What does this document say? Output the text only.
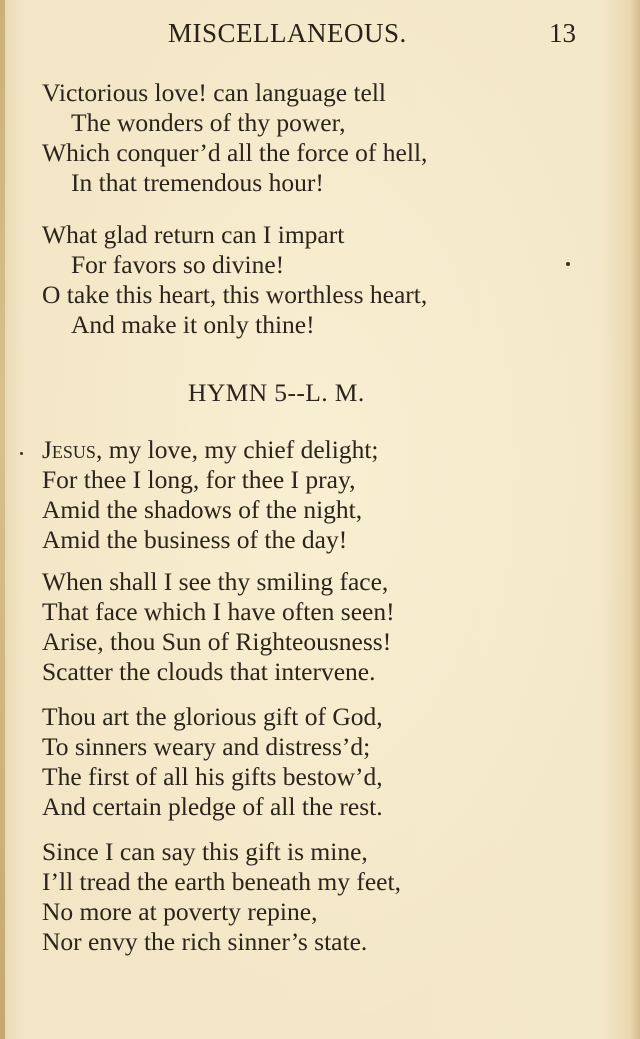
MISCELLANEOUS.	13
Victorious love! can language tell
The wonders of thy power,
Which conquer’d all the force of hell,
In that tremendous hour!
What glad return can I impart
For favors so divine!
O take this heart, this worthless heart,
And make it only thine!
HYMN 5--L. M.
Jesus, my love, my chief delight;
For thee I long, for thee I pray,
Amid the shadows of the night,
Amid the business of the day!
When shall I see thy smiling face,
That face which I have often seen!
Arise, thou Sun of Righteousness!
Scatter the clouds that intervene.
Thou art the glorious gift of God,
To sinners weary and distress’d;
The first of all his gifts bestow’d,
And certain pledge of all the rest.
Since I can say this gift is mine,
I’ll tread the earth beneath my feet,
No more at poverty repine,
Nor envy the rich sinner’s state.
